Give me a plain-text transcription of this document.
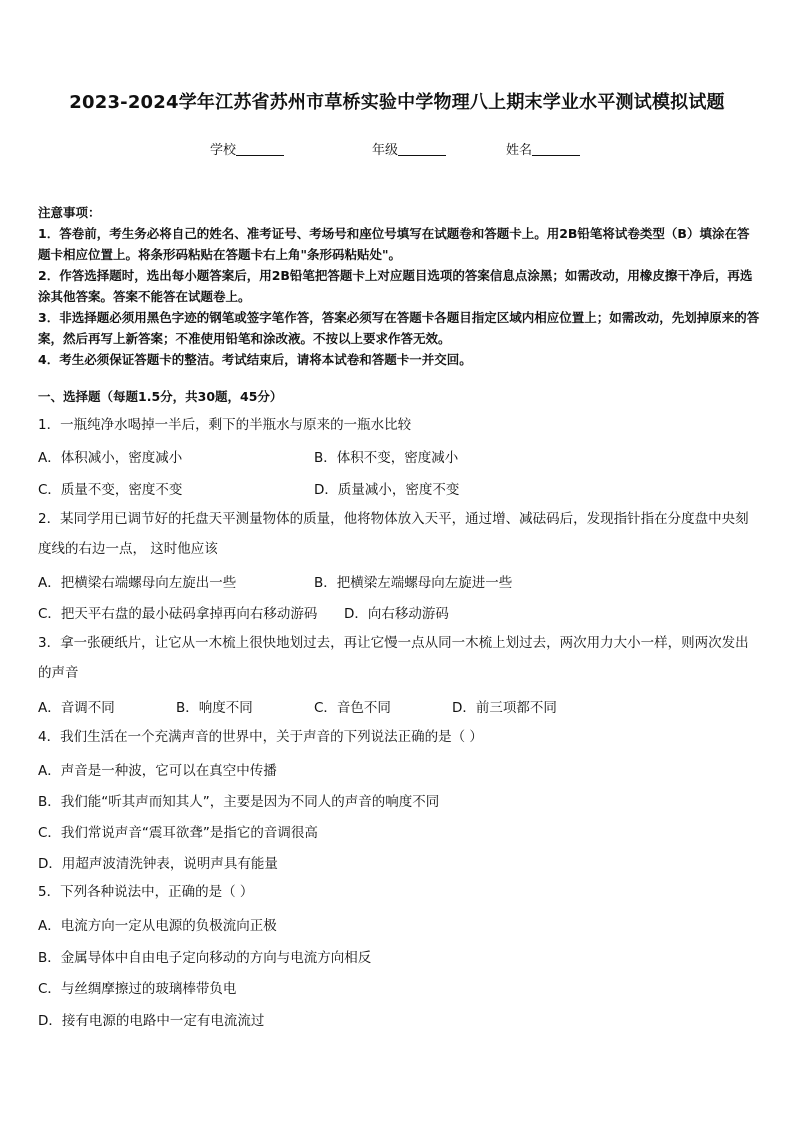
2023-2024学年江苏省苏州市草桥实验中学物理八上期末学业水平测试模拟试题
学校	年级	姓名

注意事项：

1．答卷前，考生务必将自己的姓名、准考证号、考场号和座位号填写在试题卷和答题卡上。用2B铅笔将试卷类型（B）填涂在答题卡相应位置上。将条形码粘贴在答题卡右上角"条形码粘贴处"。

2．作答选择题时，选出每小题答案后，用2B铅笔把答题卡上对应题目选项的答案信息点涂黑；如需改动，用橡皮擦干净后，再选涂其他答案。答案不能答在试题卷上。

3．非选择题必须用黑色字迹的钢笔或签字笔作答，答案必须写在答题卡各题目指定区域内相应位置上；如需改动，先划掉原来的答案，然后再写上新答案；不准使用铅笔和涂改液。不按以上要求作答无效。

4．考生必须保证答题卡的整洁。考试结束后，请将本试卷和答题卡一并交回。

一、选择题（每题1.5分，共30题，45分）

1．一瓶纯净水喝掉一半后，剩下的半瓶水与原来的一瓶水比较

A．体积减小，密度减小	B．体积不变，密度减小
C．质量不变，密度不变	D．质量减小，密度不变

2．某同学用已调节好的托盘天平测量物体的质量，他将物体放入天平，通过增、减砝码后，发现指针指在分度盘中央刻度线的右边一点， 这时他应该

A．把横梁右端螺母向左旋出一些	B．把横梁左端螺母向左旋进一些
C．把天平右盘的最小砝码拿掉再向右移动游码 D．向右移动游码

3．拿一张硬纸片，让它从一木梳上很快地划过去，再让它慢一点从同一木梳上划过去，两次用力大小一样，则两次发出的声音

A．音调不同	B．响度不同	C．音色不同	D．前三项都不同

4．我们生活在一个充满声音的世界中，关于声音的下列说法正确的是（ ）

A．声音是一种波，它可以在真空中传播
B．我们能“听其声而知其人”，主要是因为不同人的声音的响度不同
C．我们常说声音“震耳欲聋”是指它的音调很高
D．用超声波清洗钟表，说明声具有能量

5．下列各种说法中，正确的是（ ）

A．电流方向一定从电源的负极流向正极
B．金属导体中自由电子定向移动的方向与电流方向相反
C．与丝绸摩擦过的玻璃棒带负电
D．接有电源的电路中一定有电流流过
